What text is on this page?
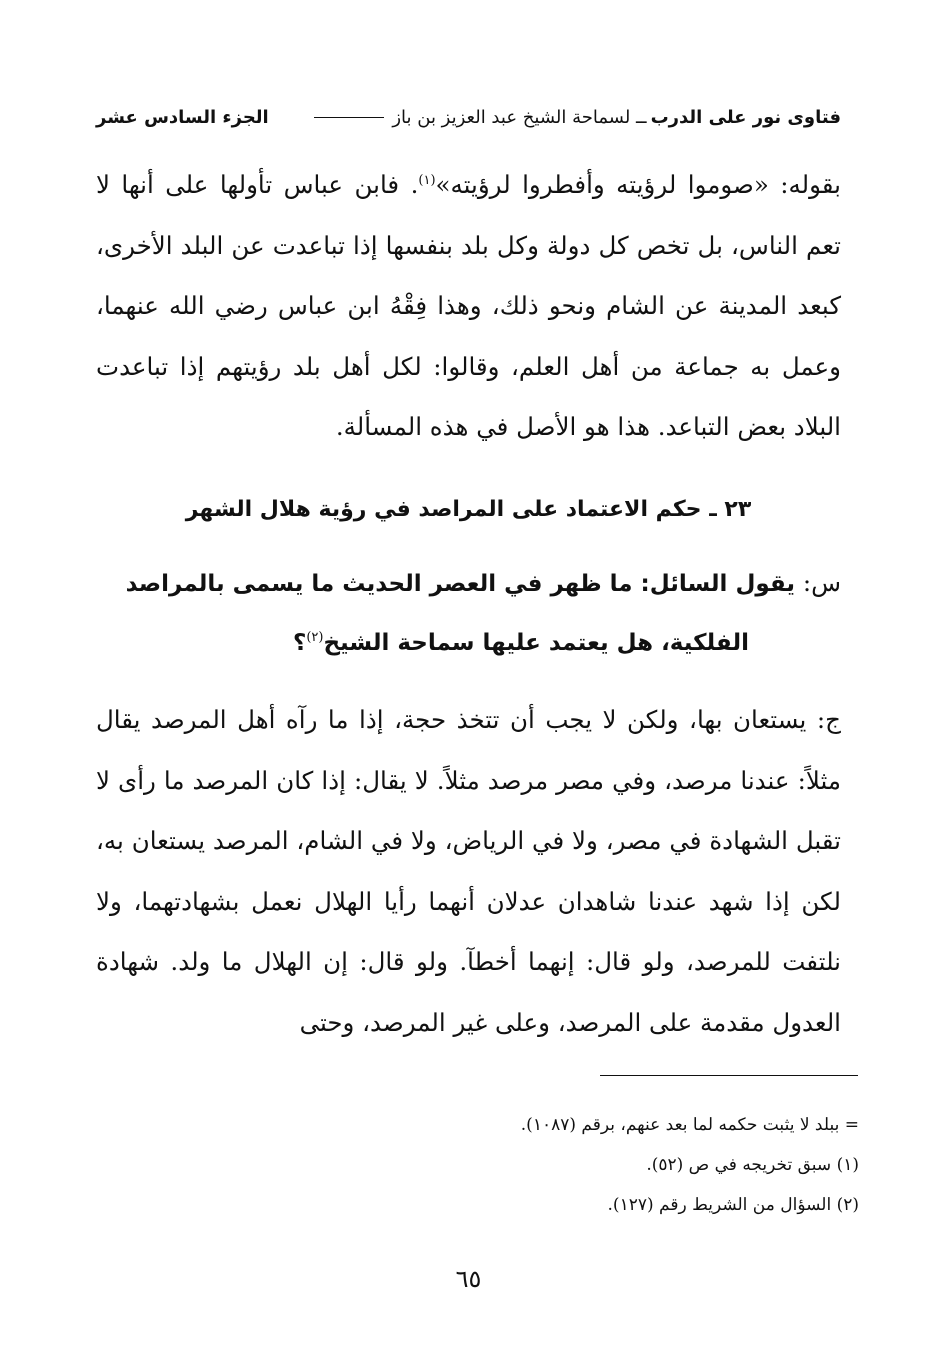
فتاوى نور على الدرب
ــ لسماحة الشيخ عبد العزيز بن باز
الجزء السادس عشر
بقوله: «صوموا لرؤيته وأفطروا لرؤيته»$^{(١)}$. فابن عباس تأولها على أنها لا تعم الناس، بل تخص كل دولة وكل بلد بنفسها إذا تباعدت عن البلد الأخرى، كبعد المدينة عن الشام ونحو ذلك، وهذا فِقْهُ ابن عباس رضي الله عنهما، وعمل به جماعة من أهل العلم، وقالوا: لكل أهل بلد رؤيتهم إذا تباعدت البلاد بعض التباعد. هذا هو الأصل في هذه المسألة.
٢٣ ـ حكم الاعتماد على المراصد في رؤية هلال الشهر
س: يقول السائل: ما ظهر في العصر الحديث ما يسمى بالمراصد
الفلكية، هل يعتمد عليها سماحة الشيخ$^{(٢)}$؟
ج: يستعان بها، ولكن لا يجب أن تتخذ حجة، إذا ما رآه أهل المرصد يقال مثلاً: عندنا مرصد، وفي مصر مرصد مثلاً. لا يقال: إذا كان المرصد ما رأى لا تقبل الشهادة في مصر، ولا في الرياض، ولا في الشام، المرصد يستعان به، لكن إذا شهد عندنا شاهدان عدلان أنهما رأيا الهلال نعمل بشهادتهما، ولا نلتفت للمرصد، ولو قال: إنهما أخطآ. ولو قال: إن الهلال ما ولد. شهادة العدول مقدمة على المرصد، وعلى غير المرصد، وحتى
= ببلد لا يثبت حكمه لما بعد عنهم، برقم (١٠٨٧).
(١) سبق تخريجه في ص (٥٢).
(٢) السؤال من الشريط رقم (١٢٧).
٦٥
